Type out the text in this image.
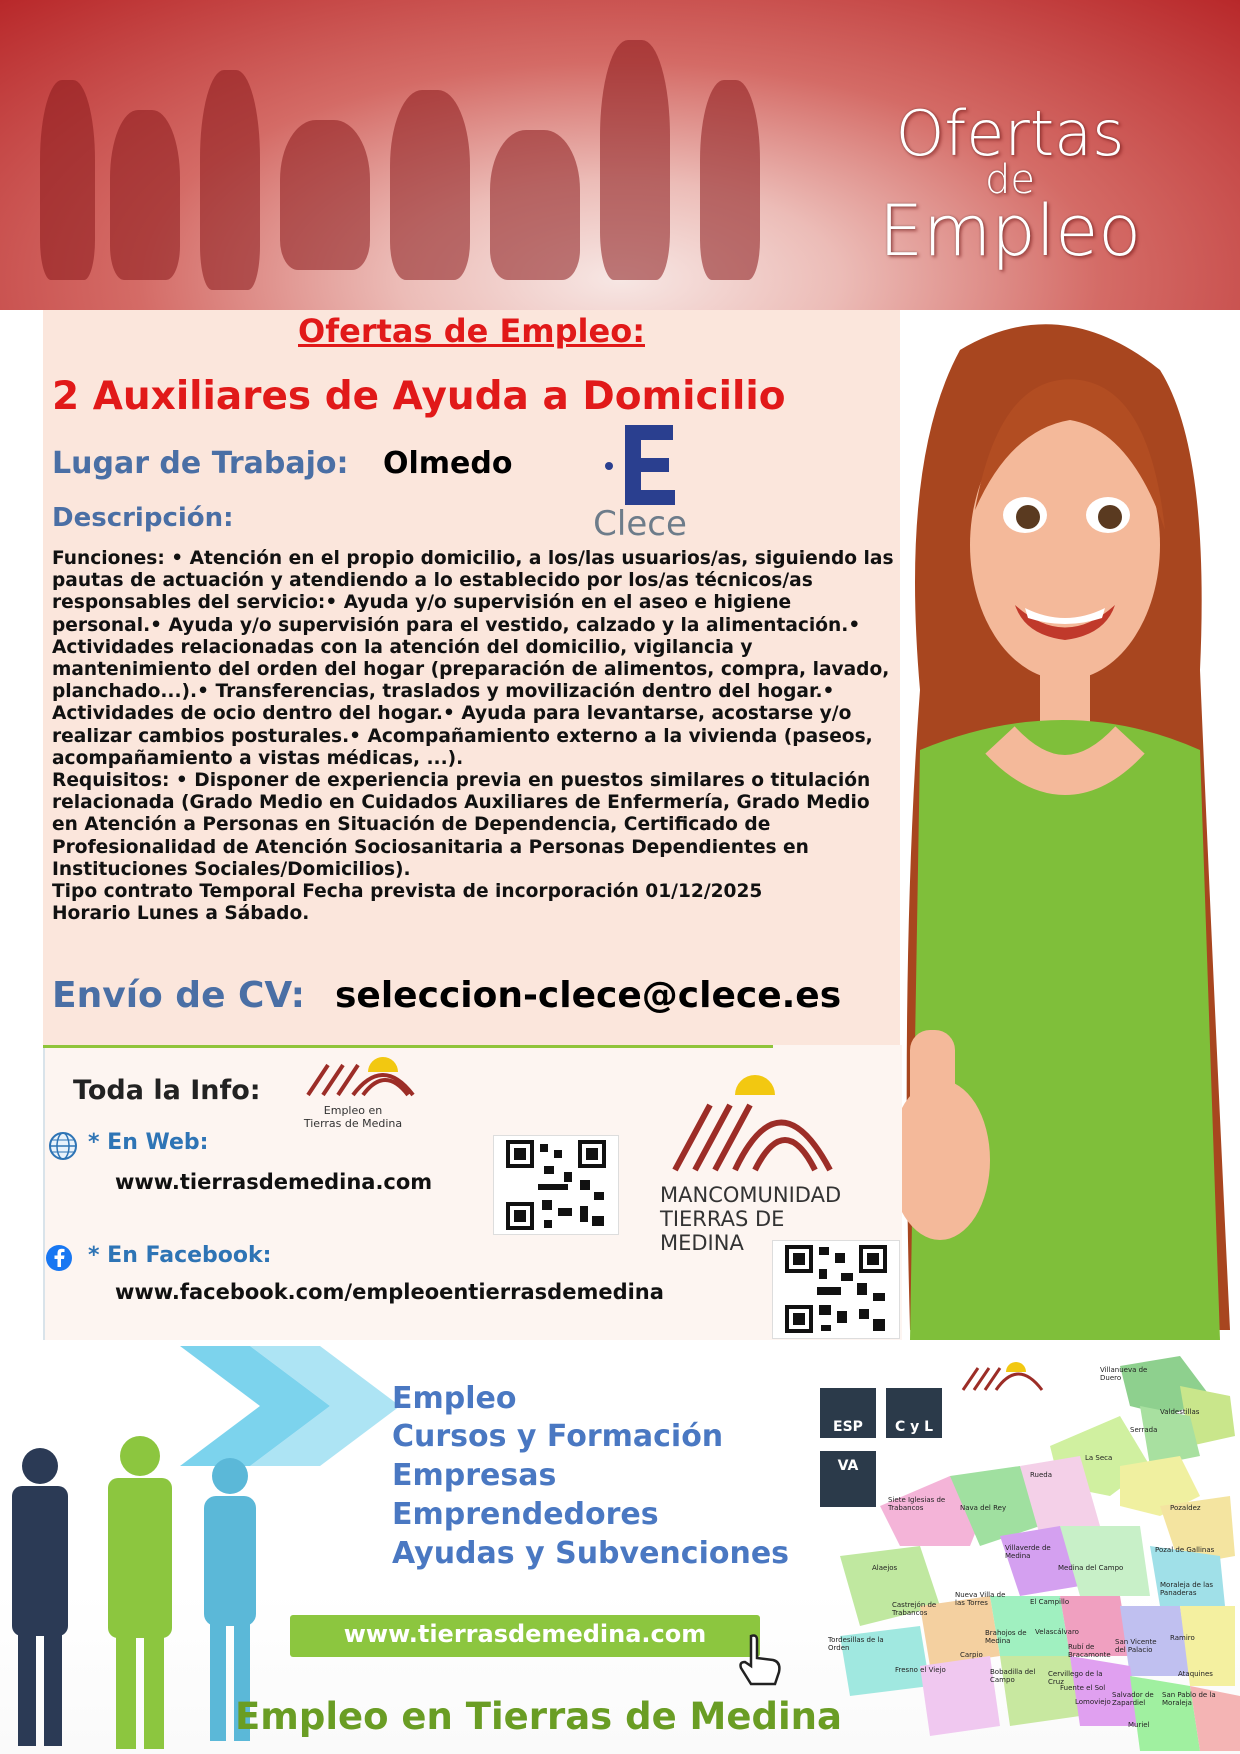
Ofertas
de
Empleo
Ofertas de Empleo:
2 Auxiliares de Ayuda a Domicilio
Lugar de Trabajo: Olmedo
Descripción:	Clece

Funciones: • Atención en el propio domicilio, a los/las usuarios/as, siguiendo las pautas de actuación y atendiendo a lo establecido por los/as técnicos/as responsables del servicio:• Ayuda y/o supervisión en el aseo e higiene personal.• Ayuda y/o supervisión para el vestido, calzado y la alimentación.• Actividades relacionadas con la atención del domicilio, vigilancia y mantenimiento del orden del hogar (preparación de alimentos, compra, lavado, planchado...).• Transferencias, traslados y movilización dentro del hogar.• Actividades de ocio dentro del hogar.• Ayuda para levantarse, acostarse y/o realizar cambios posturales.• Acompañamiento externo a la vivienda (paseos, acompañamiento a vistas médicas, ...).

Requisitos: • Disponer de experiencia previa en puestos similares o titulación relacionada (Grado Medio en Cuidados Auxiliares de Enfermería, Grado Medio en Atención a Personas en Situación de Dependencia, Certificado de Profesionalidad de Atención Sociosanitaria a Personas Dependientes en Instituciones Sociales/Domicilios).

Tipo contrato Temporal Fecha prevista de incorporación 01/12/2025

Horario Lunes a Sábado.

Envío de CV: seleccion-clece@clece.es
Toda la Info:
Empleo en
Tierras de Medina
* En Web:
www.tierrasdemedina.com
MANCOMUNIDAD
TIERRAS DE MEDINA
* En Facebook:
www.facebook.com/empleoentierrasdemedina
ESP	C y L
VA
Villanueva de Duero
Valdestillas
Serrada
La Seca
Rueda
Siete Iglesias de Trabancos	Nava del Rey	Pozaldez
Villaverde de Medina
Pozal de Gallinas
Alaejos	Medina del Campo
Moraleja de las Panaderas
Castrejón de Trabancos
Nueva Villa de las Torres	El Campillo
Tordesillas de la Orden
Brahojos de Medina
Velascálvaro
Rubí de Bracamonte
San Vicente del Palacio
Ramiro
Carpio
Fresno el Viejo	Bobadilla del Campo
Cervillego de la Cruz
Ataquines
Fuente el Sol
Lomoviejo
Salvador de Zapardiel
San Pablo de la Moraleja
Muriel
Empleo
Cursos y Formación
Empresas
Emprendedores
Ayudas y Subvenciones
www.tierrasdemedina.com
Empleo en Tierras de Medina
